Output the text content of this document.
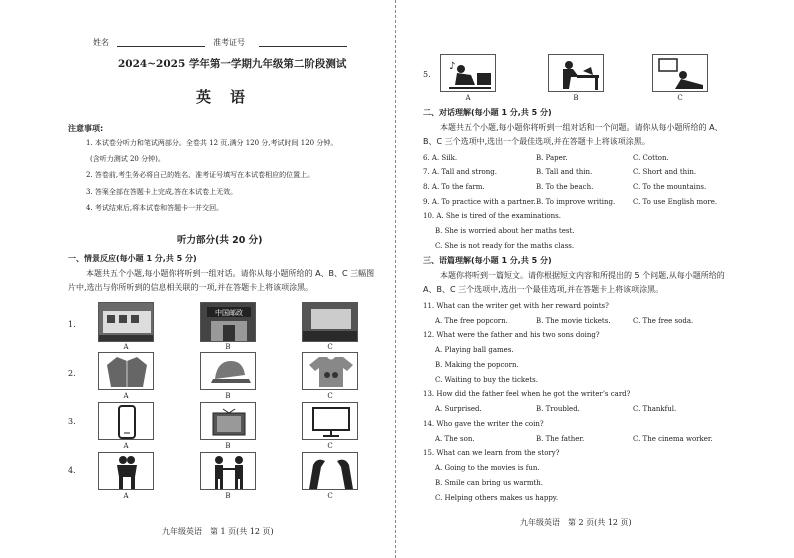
姓名	准考证号
2024~2025 学年第一学期九年级第二阶段测试
英　语
注意事项:
1. 本试卷分听力和笔试两部分。全卷共 12 页,满分 120 分,考试时间 120 分钟。
(含听力测试 20 分钟)。
2. 答卷前,考生务必将自己的姓名、准考证号填写在本试卷相应的位置上。
3. 答案全部在答题卡上完成,答在本试卷上无效。
4. 考试结束后,将本试卷和答题卡一并交回。
听力部分(共 20 分)
一、情景反应(每小题 1 分,共 5 分)
本题共五个小题,每小题你将听到一组对话。请你从每小题所给的 A、B、C 三幅图
片中,选出与你所听到的信息相关联的一项,并在答题卡上将该项涂黑。
1.
中国邮政
A	B	C
2.
A	B	C
3.
A	B	C
4.
A	B	C
九年级英语　第 1 页(共 12 页)
5.
♪
A	B	C
二、对话理解(每小题 1 分,共 5 分)
本题共五个小题,每小题你将听到一组对话和一个问题。请你从每小题所给的 A、
B、C 三个选项中,选出一个最佳选项,并在答题卡上将该项涂黑。
6. A. Silk.	B. Paper.	C. Cotton.
7. A. Tall and strong.	B. Tall and thin.	C. Short and thin.
8. A. To the farm.	B. To the beach.	C. To the mountains.
9. A. To practice with a partner. B. To improve writing.	C. To use English more.
10. A. She is tired of the examinations.
B. She is worried about her maths test.
C. She is not ready for the maths class.
三、语篇理解(每小题 1 分,共 5 分)
本题你将听到一篇短文。请你根据短文内容和所提出的 5 个问题,从每小题所给的
A、B、C 三个选项中,选出一个最佳选项,并在答题卡上将该项涂黑。
11. What can the writer get with her reward points?
A. The free popcorn.	B. The movie tickets.	C. The free soda.
12. What were the father and his two sons doing?
A. Playing ball games.
B. Making the popcorn.
C. Waiting to buy the tickets.
13. How did the father feel when he got the writer’s card?
A. Surprised.	B. Troubled.	C. Thankful.
14. Who gave the writer the coin?
A. The son.	B. The father.	C. The cinema worker.
15. What can we learn from the story?
A. Going to the movies is fun.
B. Smile can bring us warmth.
C. Helping others makes us happy.
九年级英语　第 2 页(共 12 页)
